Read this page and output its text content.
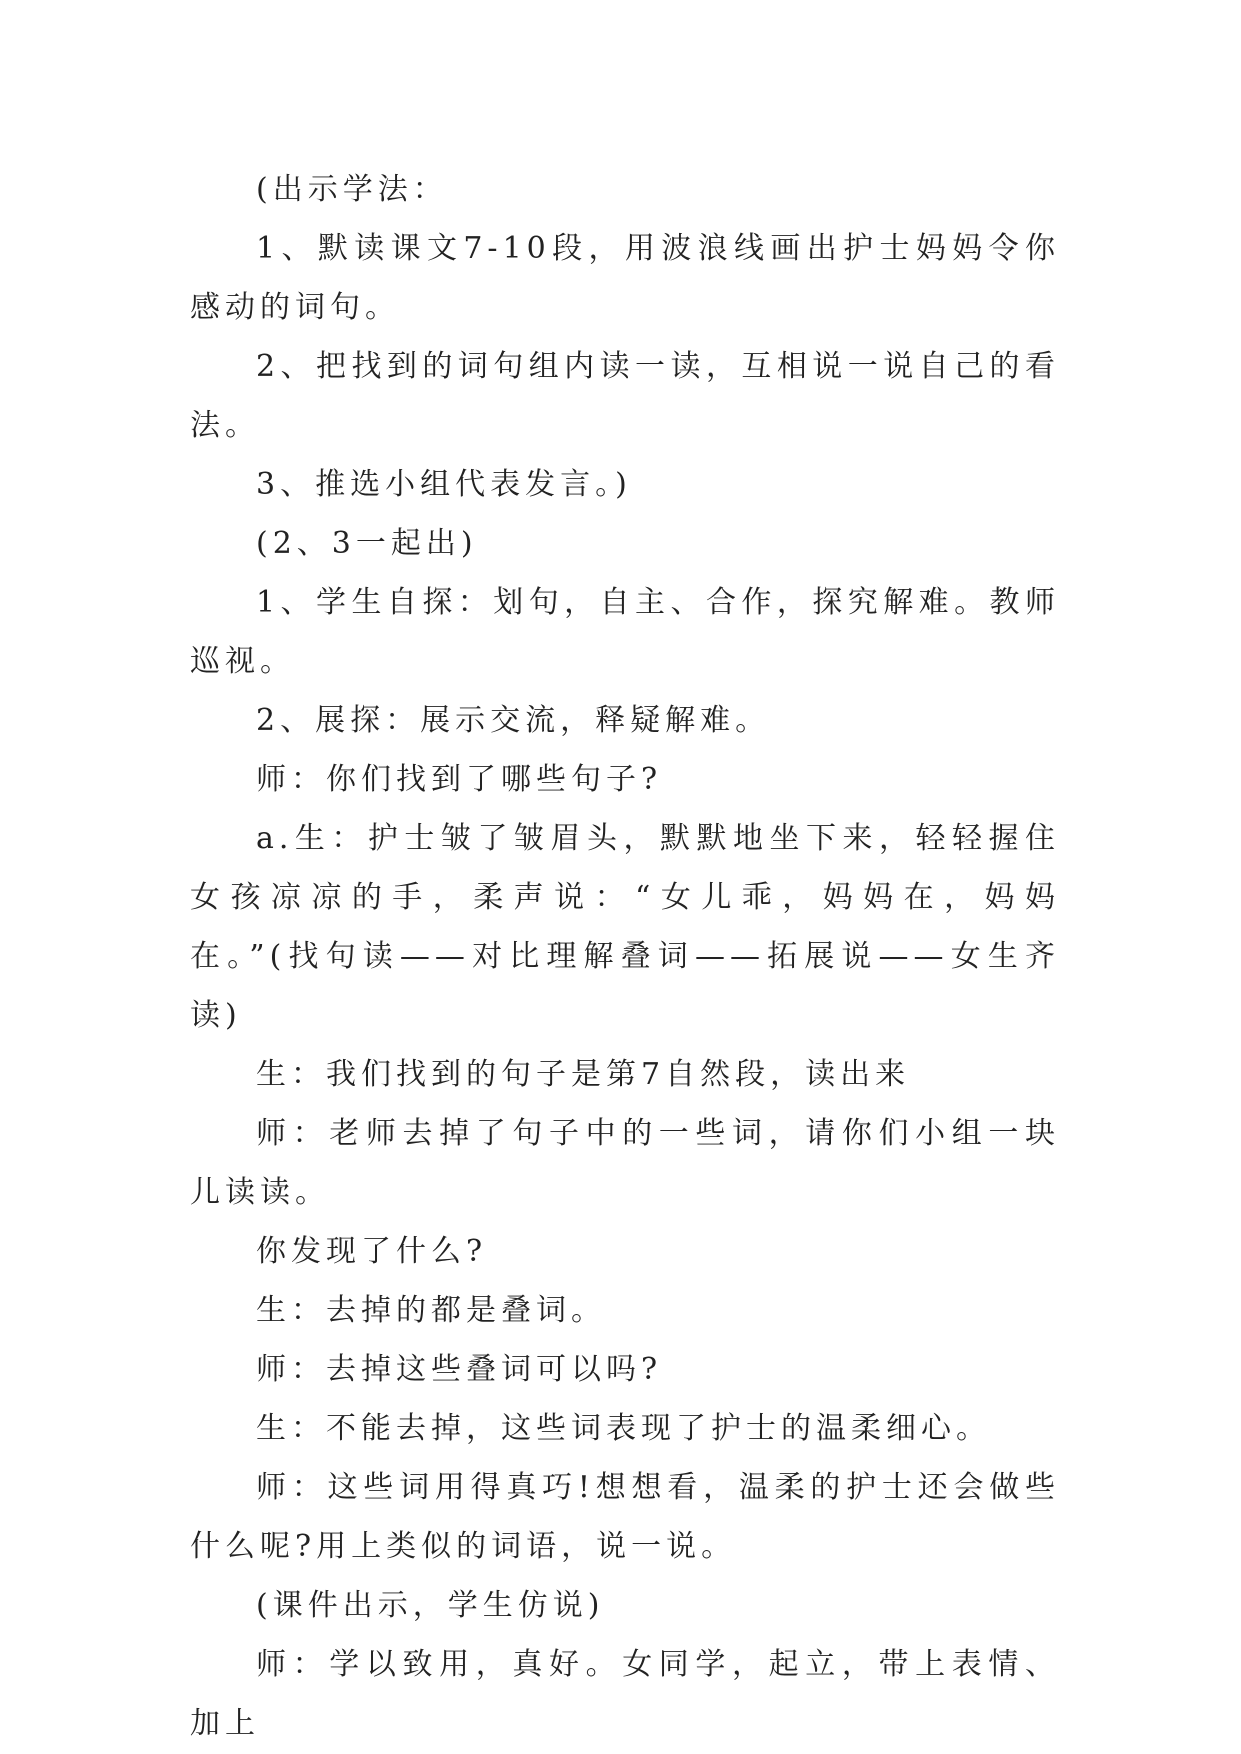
(出示学法：

1、默读课文7-10段，用波浪线画出护士妈妈令你感动的词句。

2、把找到的词句组内读一读，互相说一说自己的看法。

3、推选小组代表发言。)

(2、3一起出)

1、学生自探：划句，自主、合作，探究解难。教师巡视。

2、展探：展示交流，释疑解难。

师：你们找到了哪些句子?

a.生：护士皱了皱眉头，默默地坐下来，轻轻握住女孩凉凉的手，柔声说：“女儿乖，妈妈在，妈妈在。”(找句读——对比理解叠词——拓展说——女生齐读)

生：我们找到的句子是第7自然段，读出来

师：老师去掉了句子中的一些词，请你们小组一块儿读读。

你发现了什么?

生：去掉的都是叠词。

师：去掉这些叠词可以吗?

生：不能去掉，这些词表现了护士的温柔细心。

师：这些词用得真巧!想想看，温柔的护士还会做些什么呢?用上类似的词语，说一说。

(课件出示，学生仿说)

师：学以致用，真好。女同学，起立，带上表情、加上
